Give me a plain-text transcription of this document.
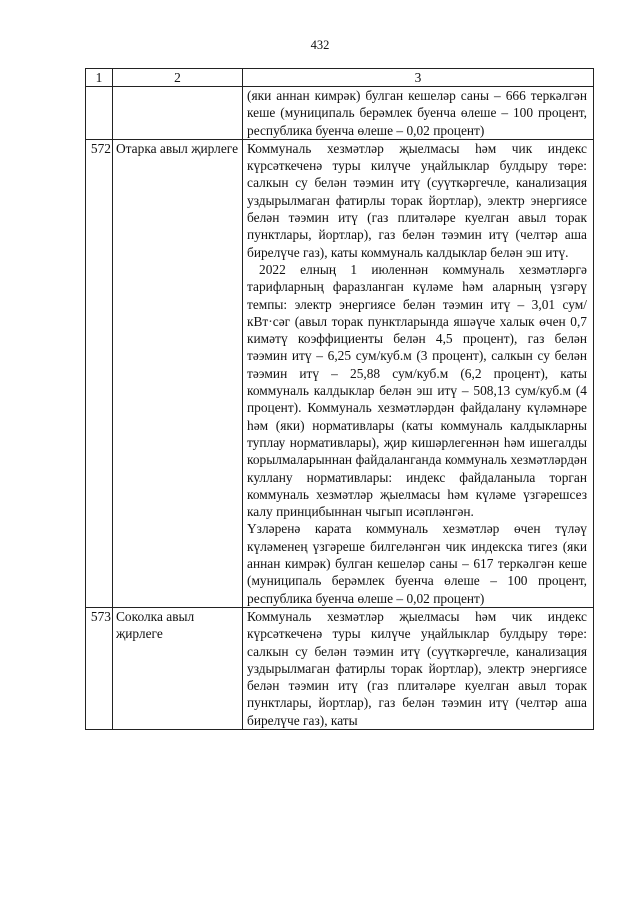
432
1	2	3

		(яки аннан кимрәк) булган кешеләр саны – 666 теркәлгән кеше (муниципаль берәмлек буенча өлеше – 100 процент, республика буенча өлеше – 0,02 процент)

572	Отарка авыл җирлеге	Коммуналь хезмәтләр җыелмасы һәм чик индекс күрсәткеченә туры килүче уңайлыклар булдыру төре: салкын су белән тәэмин итү (суүткәргечле, канализация уздырылмаган фатирлы торак йортлар), электр энергиясе белән тәэмин итү (газ плитәләре куелган авыл торак пунктлары, йортлар), газ белән тәэмин итү (челтәр аша бирелүче газ), каты коммуналь калдыклар белән эш итү.

2022 елның 1 июленнән коммуналь хезмәтләргә тарифларның фаразланган күләме һәм аларның үзгәрү темпы: электр энергиясе белән тәэмин итү – 3,01 сум/кВт·сәг (авыл торак пунктларында яшәүче халык өчен 0,7 кимәтү коэффициенты белән 4,5 процент), газ белән тәэмин итү – 6,25 сум/куб.м (3 процент), салкын су белән тәэмин итү – 25,88 сум/куб.м (6,2 процент), каты коммуналь калдыклар белән эш итү – 508,13 сум/куб.м (4 процент). Коммуналь хезмәтләрдән файдалану күләмнәре һәм (яки) нормативлары (каты коммуналь калдыкларны туплау нормативлары), җир кишәрлегеннән һәм ишегалды корылмаларыннан файдаланганда коммуналь хезмәтләрдән куллану нормативлары: индекс файдаланыла торган коммуналь хезмәтләр җыелмасы һәм күләме үзгәрешсез калу принцибыннан чыгып исәпләнгән.

Үзләренә карата коммуналь хезмәтләр өчен түләү күләменең үзгәреше билгеләнгән чик индекска тигез (яки аннан кимрәк) булган кешеләр саны – 617 теркәлгән кеше (муниципаль берәмлек буенча өлеше – 100 процент, республика буенча өлеше – 0,02 процент)

573	Соколка авыл җирлеге	Коммуналь хезмәтләр җыелмасы һәм чик индекс күрсәткеченә туры килүче уңайлыклар булдыру төре: салкын су белән тәэмин итү (суүткәргечле, канализация уздырылмаган фатирлы торак йортлар), электр энергиясе белән тәэмин итү (газ плитәләре куелган авыл торак пунктлары, йортлар), газ белән тәэмин итү (челтәр аша бирелүче газ), каты
